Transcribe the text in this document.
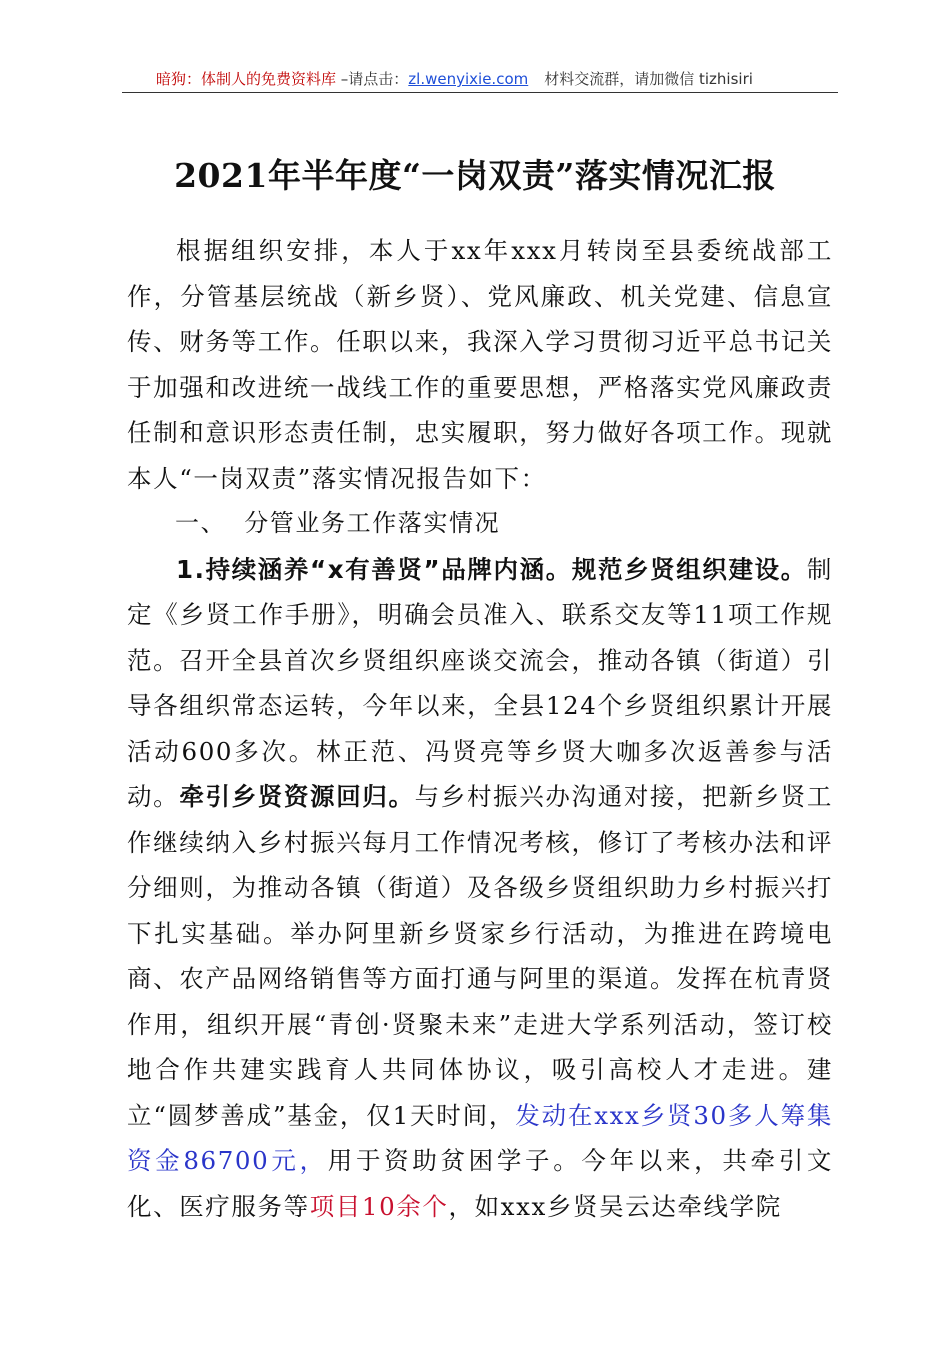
暗狗：体制人的免费资料库 –请点击：zl.wenyixie.com 材料交流群，请加微信 tizhisiri
2021年半年度“一岗双责”落实情况汇报

根据组织安排，本人于xx年xxx月转岗至县委统战部工作，分管基层统战（新乡贤）、党风廉政、机关党建、信息宣传、财务等工作。任职以来，我深入学习贯彻习近平总书记关于加强和改进统一战线工作的重要思想，严格落实党风廉政责任制和意识形态责任制，忠实履职，努力做好各项工作。现就本人“一岗双责”落实情况报告如下：

一、 分管业务工作落实情况

1.持续涵养“x有善贤”品牌内涵。规范乡贤组织建设。制定《乡贤工作手册》，明确会员准入、联系交友等11项工作规范。召开全县首次乡贤组织座谈交流会，推动各镇（街道）引导各组织常态运转，今年以来，全县124个乡贤组织累计开展活动600多次。林正范、冯贤亮等乡贤大咖多次返善参与活动。牵引乡贤资源回归。与乡村振兴办沟通对接，把新乡贤工作继续纳入乡村振兴每月工作情况考核，修订了考核办法和评分细则，为推动各镇（街道）及各级乡贤组织助力乡村振兴打下扎实基础。举办阿里新乡贤家乡行活动，为推进在跨境电商、农产品网络销售等方面打通与阿里的渠道。发挥在杭青贤作用，组织开展“青创·贤聚未来”走进大学系列活动，签订校地合作共建实践育人共同体协议，吸引高校人才走进。建立“圆梦善成”基金，仅1天时间，发动在xxx乡贤30多人筹集资金86700元，用于资助贫困学子。今年以来，共牵引文化、医疗服务等项目10余个，如xxx乡贤吴云达牵线学院
